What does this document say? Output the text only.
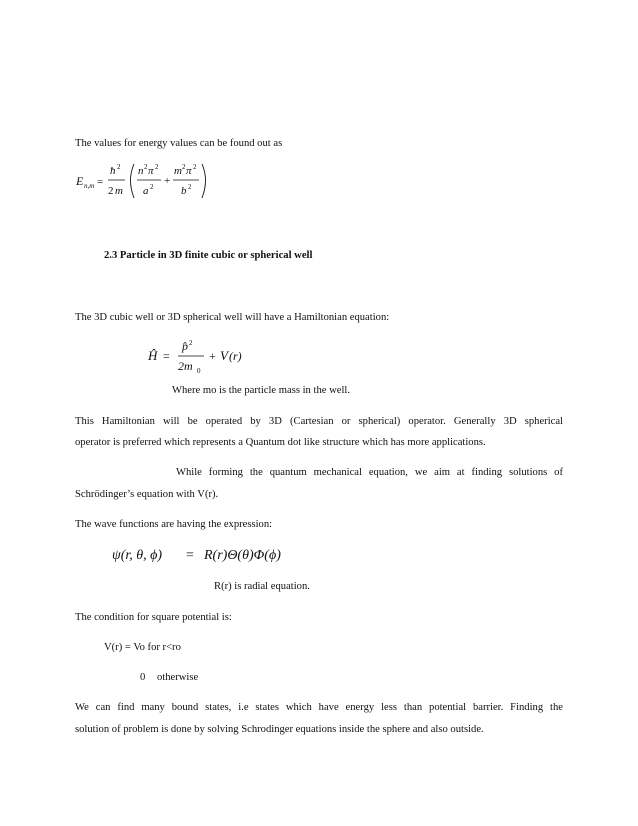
The values for energy values can be found out as
E n,m =
ħ 2
2 m
n 2 π 2
a 2 +
m 2 π 2
b 2
2.3 Particle in 3D finite cubic or spherical well
The 3D cubic well or 3D spherical well will have a Hamiltonian equation:
Ĥ =
p̂ 2
2m 0
+ V (r)
Where mo is the particle mass in the well.
This Hamiltonian will be operated by 3D (Cartesian or spherical) operator. Generally 3D spherical
operator is preferred which represents a Quantum dot like structure which has more applications.
While forming the quantum mechanical equation, we aim at finding solutions of
Schrödinger’s equation with V(r).
The wave functions are having the expression:
ψ(r, θ, ϕ) = R(r)Θ(θ)Φ(ϕ)
R(r) is radial equation.
The condition for square potential is:
V(r) = Vo for r<ro
0 otherwise
We can find many bound states, i.e states which have energy less than potential barrier. Finding the
solution of problem is done by solving Schrodinger equations inside the sphere and also outside.
